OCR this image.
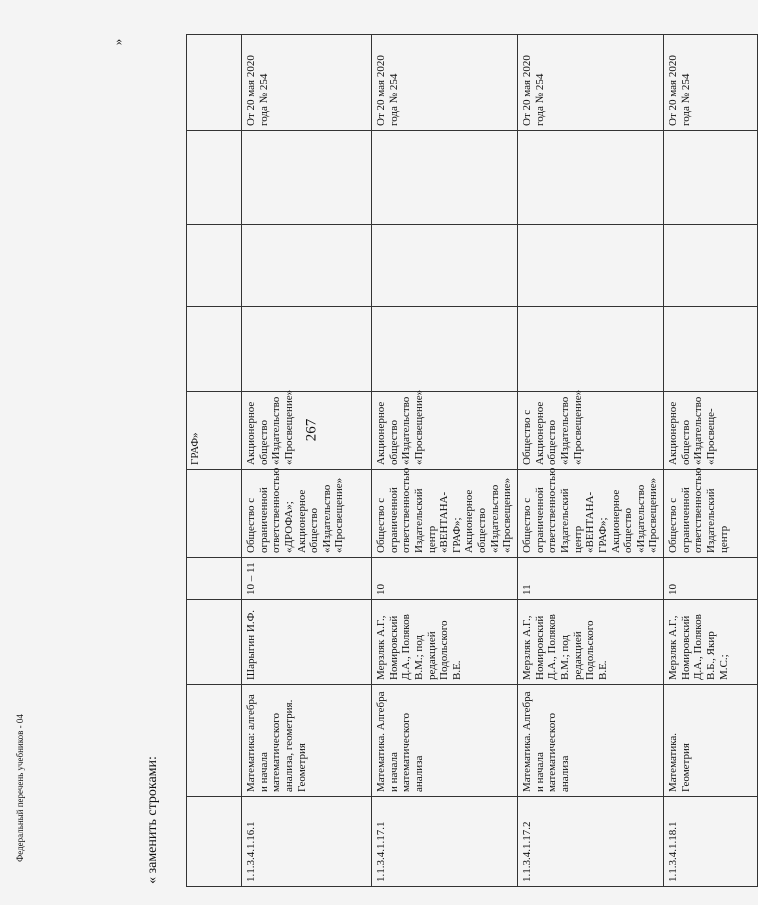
267
Федеральный перечень учебников - 04
»
« заменить строками:
					ГРАФ»				
1.1.3.4.1.16.1	Математика: алгебра и начала математического анализа, геометрия. Геометрия	Шарыгин И.Ф.	10 – 11	Общество с ограниченной ответственностью «ДРОФА»; Акционерное общество «Издательство «Просвещение»	Акционерное общество «Издательство «Просвещение»				От 20 мая 2020 года № 254
1.1.3.4.1.17.1	Математика. Алгебра и начала математического анализа	Мерзляк А.Г., Номировский Д.А., Поляков В.М.; под редакцией Подольского В.Е.	10	Общество с ограниченной ответственностью Издательский центр «ВЕНТАНА-ГРАФ»; Акционерное общество «Издательство «Просвещение»	Акционерное общество «Издательство «Просвещение»				От 20 мая 2020 года № 254
1.1.3.4.1.17.2	Математика. Алгебра и начала математического анализа	Мерзляк А.Г., Номировский Д.А., Поляков В.М.; под редакцией Подольского В.Е.	11	Общество с ограниченной ответственностью Издательский центр «ВЕНТАНА-ГРАФ»; Акционерное общество «Издательство «Просвещение»	Общество с Акционерное общество «Издательство «Просвещение»				От 20 мая 2020 года № 254
1.1.3.4.1.18.1	Математика. Геометрия	Мерзляк А.Г., Номировский Д.А., Поляков В.Б., Якир М.С.;	10	Общество с ограниченной ответственностью Издательский центр	Акционерное общество «Издательство «Просвеще-				От 20 мая 2020 года № 254
